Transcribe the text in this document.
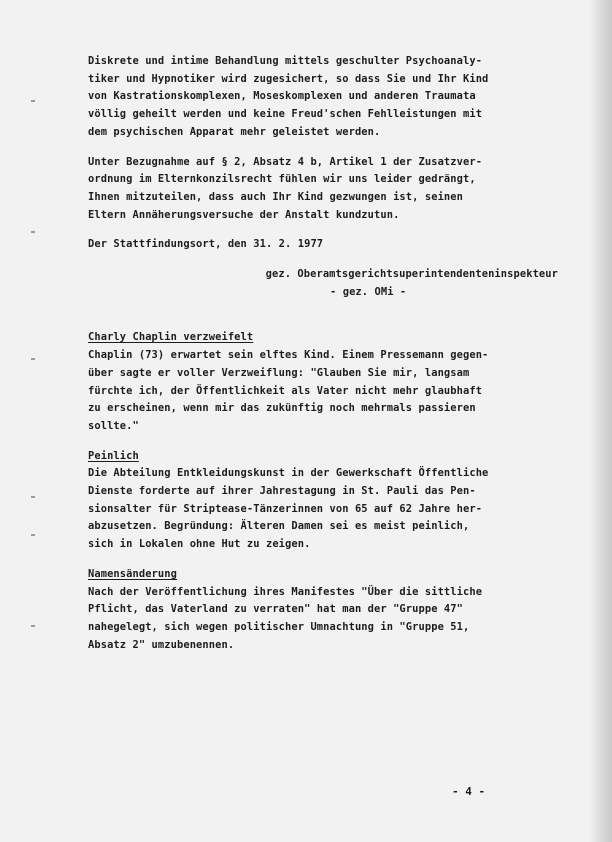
Diskrete und intime Behandlung mittels geschulter Psychoanaly-
tiker und Hypnotiker wird zugesichert, so dass Sie und Ihr Kind
von Kastrationskomplexen, Moseskomplexen und anderen Traumata
völlig geheilt werden und keine Freud'schen Fehlleistungen mit
dem psychischen Apparat mehr geleistet werden.
Unter Bezugnahme auf § 2, Absatz 4 b, Artikel 1 der Zusatzver-
ordnung im Elternkonzilsrecht fühlen wir uns leider gedrängt,
Ihnen mitzuteilen, dass auch Ihr Kind gezwungen ist, seinen
Eltern Annäherungsversuche der Anstalt kundzutun.
Der Stattfindungsort, den 31. 2. 1977
gez. Oberamtsgerichtsuperintendenteninspekteur
- gez. OMi -
Charly Chaplin verzweifelt
Chaplin (73) erwartet sein elftes Kind. Einem Pressemann gegen-
über sagte er voller Verzweiflung: "Glauben Sie mir, langsam
fürchte ich, der Öffentlichkeit als Vater nicht mehr glaubhaft
zu erscheinen, wenn mir das zukünftig noch mehrmals passieren
sollte."
Peinlich
Die Abteilung Entkleidungskunst in der Gewerkschaft Öffentliche
Dienste forderte auf ihrer Jahrestagung in St. Pauli das Pen-
sionsalter für Striptease-Tänzerinnen von 65 auf 62 Jahre her-
abzusetzen. Begründung: Älteren Damen sei es meist peinlich,
sich in Lokalen ohne Hut zu zeigen.
Namensänderung
Nach der Veröffentlichung ihres Manifestes "Über die sittliche
Pflicht, das Vaterland zu verraten" hat man der "Gruppe 47"
nahegelegt, sich wegen politischer Umnachtung in "Gruppe 51,
Absatz 2" umzubenennen.
- 4 -
